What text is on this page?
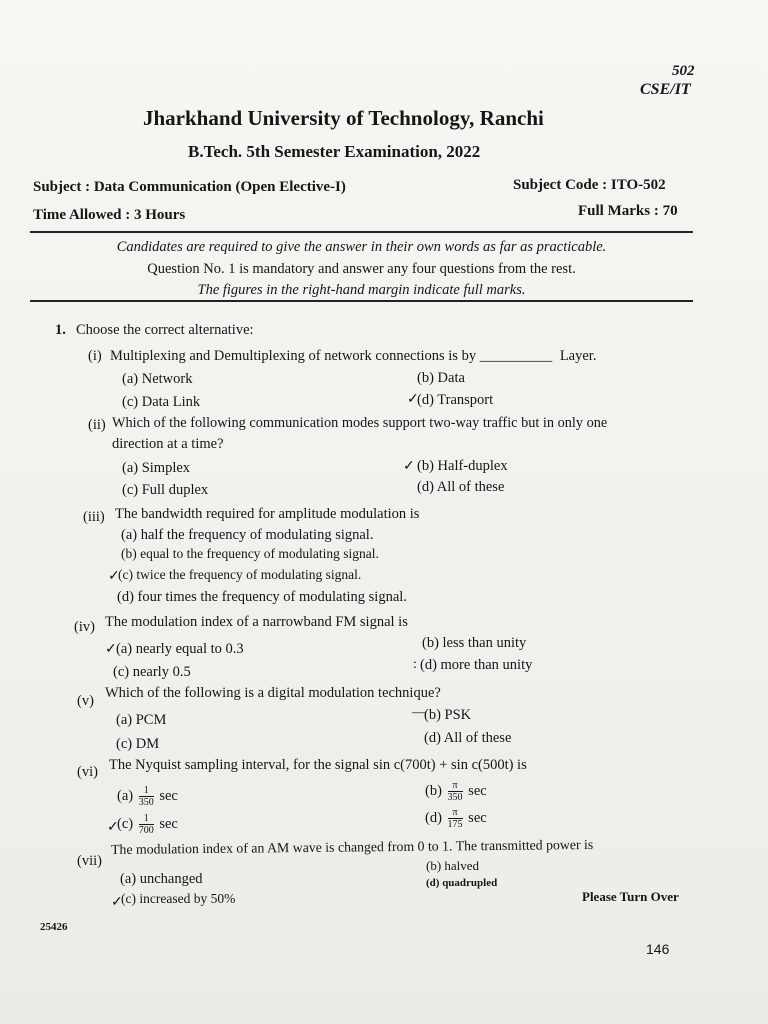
502
CSE/IT
Jharkhand University of Technology, Ranchi
B.Tech. 5th Semester Examination, 2022
Subject : Data Communication (Open Elective-I)	Subject Code : ITO-502
Time Allowed : 3 Hours	Full Marks : 70
Candidates are required to give the answer in their own words as far as practicable.
Question No. 1 is mandatory and answer any four questions from the rest.
The figures in the right-hand margin indicate full marks.
1. Choose the correct alternative:
(i) Multiplexing and Demultiplexing of network connections is by __________ Layer.
(a) Network	(b) Data
(c) Data Link	✓
(d) Transport
(ii) Which of the following communication modes support two-way traffic but in only one
direction at a time?
(a) Simplex	✓ (b) Half-duplex
(c) Full duplex	(d) All of these
(iii) The bandwidth required for amplitude modulation is
(a) half the frequency of modulating signal.
(b) equal to the frequency of modulating signal.
✓
(c) twice the frequency of modulating signal.
(d) four times the frequency of modulating signal.
(iv) The modulation index of a narrowband FM signal is
✓ (a) nearly equal to 0.3	(b) less than unity
(c) nearly 0.5	: (d) more than unity
(v) Which of the following is a digital modulation technique?
(a) PCM	—
(b) PSK
(c) DM	(d) All of these
(vi) The Nyquist sampling interval, for the signal sin c(700t) + sin c(500t) is
$(a) \frac{1}{350}$ sec	$(b) \frac{\pi}{350}$ sec
✓
$(c) \frac{1}{700}$ sec	$(d) \frac{\pi}{175}$ sec
(vii)
The modulation index of an AM wave is changed from 0 to 1. The transmitted power is
(a) unchanged
(b) halved
✓
(c) increased by 50%
(d) quadrupled
Please Turn Over
25426
146
